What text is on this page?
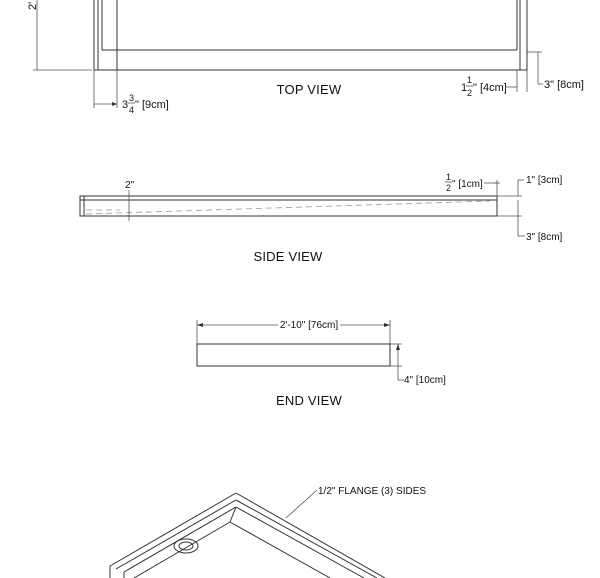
2'
3
3
4 " [9cm]
TOP VIEW	1
1
2 " [4cm]	3" [8cm]
2"
1
2 " [1cm]	1" [3cm]
3" [8cm]
SIDE VIEW
2'-10" [76cm]
4" [10cm]
END VIEW
1/2" FLANGE (3) SIDES
